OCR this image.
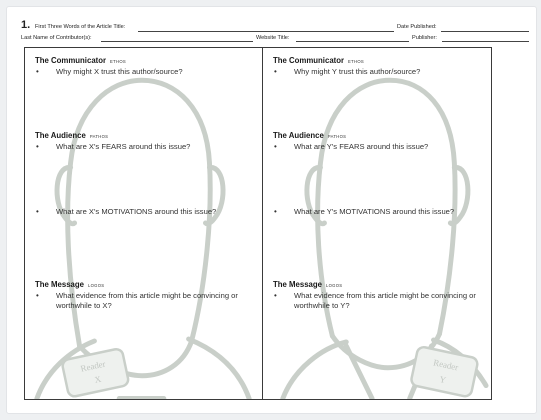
1. First Three Words of the Article Title:	Date Published:
Last Name of Contributor(s):	Website Title:	Publisher:
Reader
X
The Communicator ETHOS
• Why might X trust this author/source?
The Audience PATHOS
• What are X's FEARS around this issue?
• What are X's MOTIVATIONS around this issue?
The Message LOGOS
• What evidence from this article might be convincing or worthwhile to X?
Reader
Y
The Communicator ETHOS
• Why might Y trust this author/source?
The Audience PATHOS
• What are Y's FEARS around this issue?
• What are Y's MOTIVATIONS around this issue?
The Message LOGOS
• What evidence from this article might be convincing or worthwhile to Y?
